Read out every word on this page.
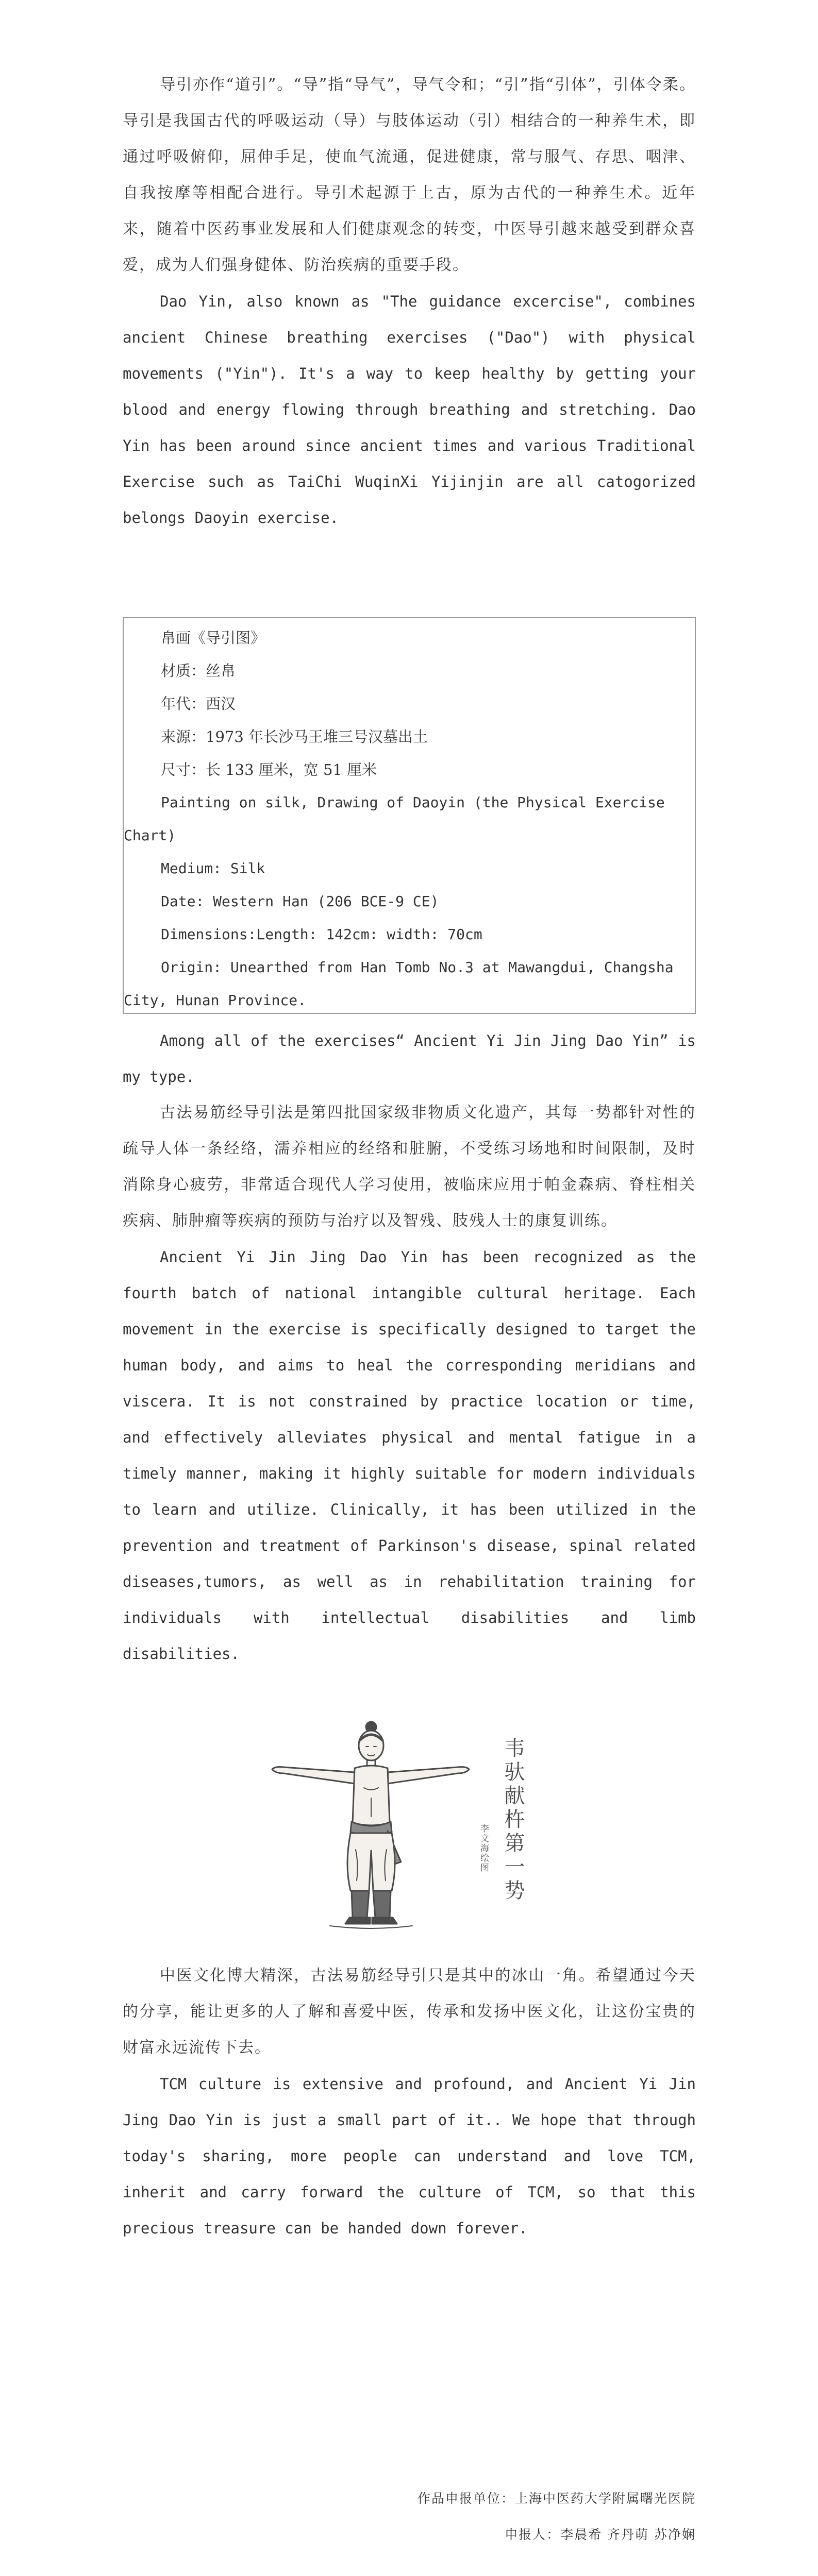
导引亦作“道引”。“导”指“导气”，导气令和；“引”指“引体”，引体令柔。导引是我国古代的呼吸运动（导）与肢体运动（引）相结合的一种养生术，即通过呼吸俯仰，屈伸手足，使血气流通，促进健康，常与服气、存思、咽津、自我按摩等相配合进行。导引术起源于上古，原为古代的一种养生术。近年来，随着中医药事业发展和人们健康观念的转变，中医导引越来越受到群众喜爱，成为人们强身健体、防治疾病的重要手段。

Dao Yin, also known as "The guidance excercise", combines ancient Chinese breathing exercises ("Dao") with physical movements ("Yin"). It's a way to keep healthy by getting your blood and energy flowing through breathing and stretching. Dao Yin has been around since ancient times and various Traditional Exercise such as TaiChi WuqinXi Yijinjin are all catogorized belongs Daoyin exercise.

帛画《导引图》

材质：丝帛

年代：西汉

来源：1973 年长沙马王堆三号汉墓出土

尺寸：长 133 厘米，宽 51 厘米

Painting on silk, Drawing of Daoyin (the Physical Exercise Chart)

Medium: Silk

Date: Western Han (206 BCE-9 CE)

Dimensions:Length: 142cm: width: 70cm

Origin: Unearthed from Han Tomb No.3 at Mawangdui, Changsha City, Hunan Province.

Among all of the exercises“ Ancient Yi Jin Jing Dao Yin” is my type.

古法易筋经导引法是第四批国家级非物质文化遗产，其每一势都针对性的疏导人体一条经络，濡养相应的经络和脏腑，不受练习场地和时间限制，及时消除身心疲劳，非常适合现代人学习使用，被临床应用于帕金森病、脊柱相关疾病、肺肿瘤等疾病的预防与治疗以及智残、肢残人士的康复训练。

Ancient Yi Jin Jing Dao Yin has been recognized as the fourth batch of national intangible cultural heritage. Each movement in the exercise is specifically designed to target the human body, and aims to heal the corresponding meridians and viscera. It is not constrained by practice location or time, and effectively alleviates physical and mental fatigue in a timely manner, making it highly suitable for modern individuals to learn and utilize. Clinically, it has been utilized in the prevention and treatment of Parkinson's disease, spinal related diseases,tumors, as well as in rehabilitation training for individuals with intellectual disabilities and limb disabilities.

韦驮献杵第一势
李文海绘图

中医文化博大精深，古法易筋经导引只是其中的冰山一角。希望通过今天的分享，能让更多的人了解和喜爱中医，传承和发扬中医文化，让这份宝贵的财富永远流传下去。

TCM culture is extensive and profound, and Ancient Yi Jin Jing Dao Yin is just a small part of it.. We hope that through today's sharing, more people can understand and love TCM, inherit and carry forward the culture of TCM, so that this precious treasure can be handed down forever.

作品申报单位：上海中医药大学附属曙光医院
申报人：李晨希 齐丹萌 苏净娴
